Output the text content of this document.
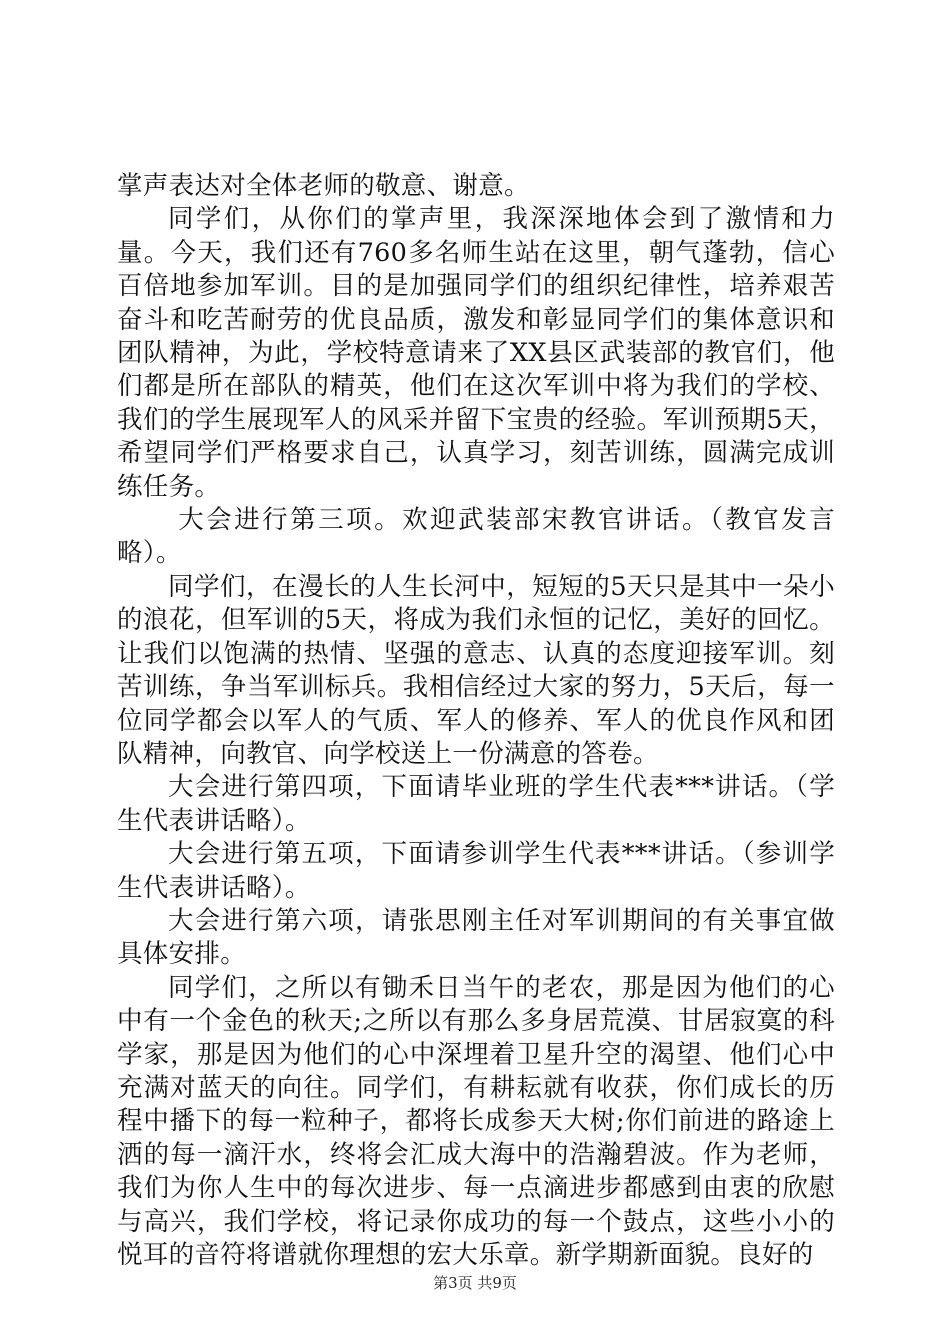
掌声表达对全体老师的敬意、谢意。

同学们，从你们的掌声里，我深深地体会到了激情和力量。今天，我们还有760多名师生站在这里，朝气蓬勃，信心百倍地参加军训。目的是加强同学们的组织纪律性，培养艰苦奋斗和吃苦耐劳的优良品质，激发和彰显同学们的集体意识和团队精神，为此，学校特意请来了XX县区武装部的教官们，他们都是所在部队的精英，他们在这次军训中将为我们的学校、我们的学生展现军人的风采并留下宝贵的经验。军训预期5天，希望同学们严格要求自己，认真学习，刻苦训练，圆满完成训练任务。

大会进行第三项。欢迎武装部宋教官讲话。（教官发言略）。

同学们，在漫长的人生长河中，短短的5天只是其中一朵小的浪花，但军训的5天，将成为我们永恒的记忆，美好的回忆。让我们以饱满的热情、坚强的意志、认真的态度迎接军训。刻苦训练，争当军训标兵。我相信经过大家的努力，5天后，每一位同学都会以军人的气质、军人的修养、军人的优良作风和团队精神，向教官、向学校送上一份满意的答卷。

大会进行第四项，下面请毕业班的学生代表***讲话。（学生代表讲话略）。

大会进行第五项，下面请参训学生代表***讲话。（参训学生代表讲话略）。

大会进行第六项，请张思刚主任对军训期间的有关事宜做具体安排。

同学们，之所以有锄禾日当午的老农，那是因为他们的心中有一个金色的秋天;之所以有那么多身居荒漠、甘居寂寞的科学家，那是因为他们的心中深埋着卫星升空的渴望、他们心中充满对蓝天的向往。同学们，有耕耘就有收获，你们成长的历程中播下的每一粒种子，都将长成参天大树;你们前进的路途上洒的每一滴汗水，终将会汇成大海中的浩瀚碧波。作为老师，我们为你人生中的每次进步、每一点滴进步都感到由衷的欣慰与高兴，我们学校，将记录你成功的每一个鼓点，这些小小的悦耳的音符将谱就你理想的宏大乐章。新学期新面貌。良好的

第3页 共9页
